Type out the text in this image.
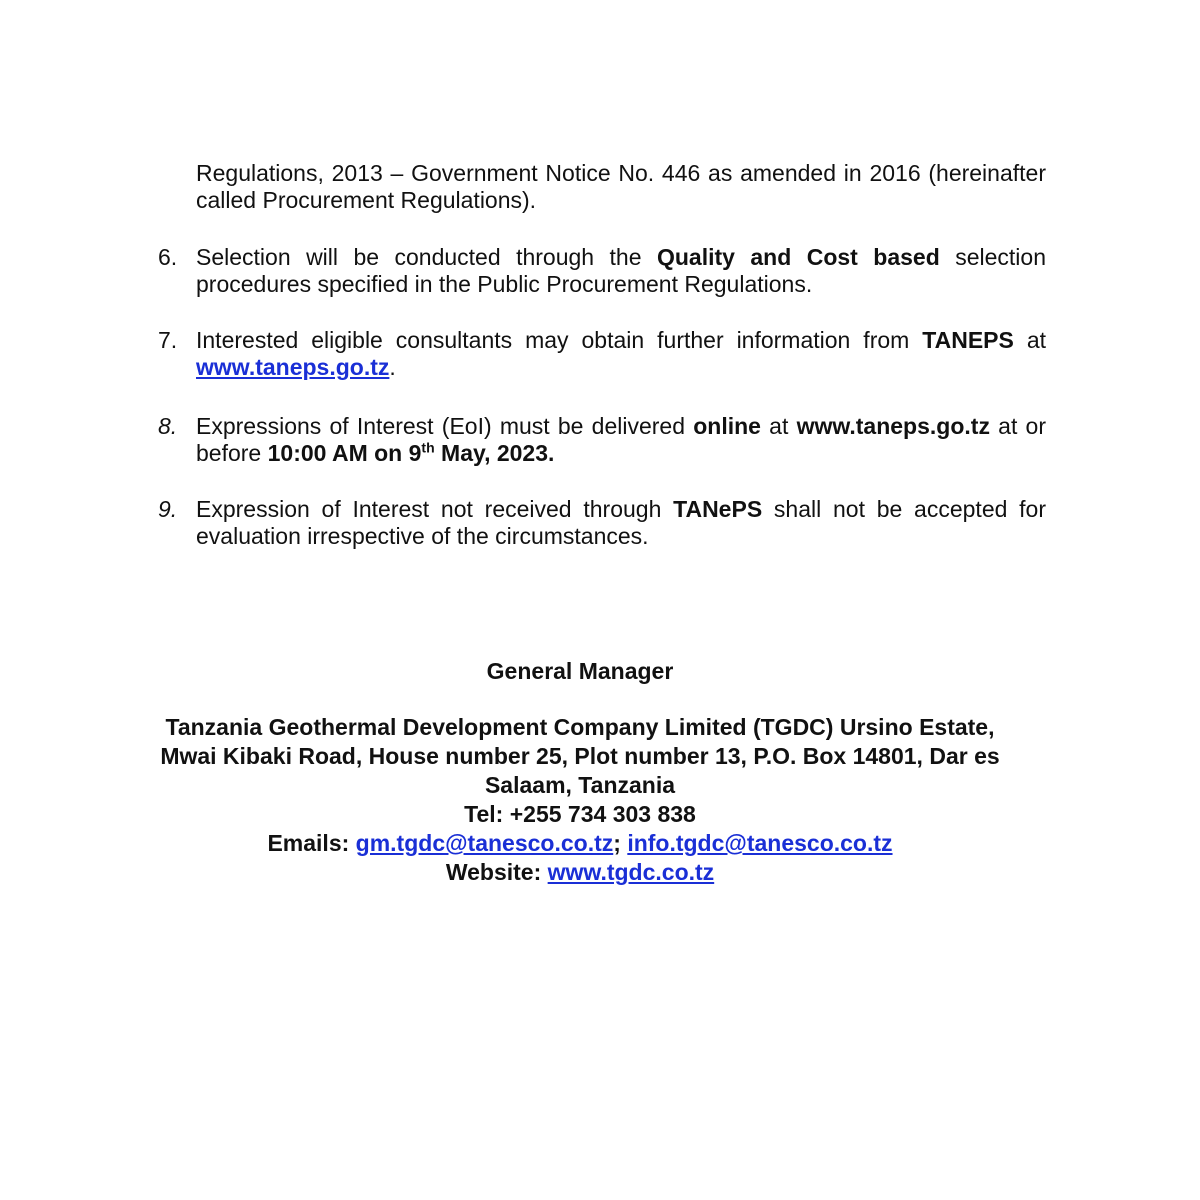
Regulations, 2013 – Government Notice No. 446 as amended in 2016 (hereinafter called Procurement Regulations).
6. Selection will be conducted through the Quality and Cost based selection procedures specified in the Public Procurement Regulations.
7. Interested eligible consultants may obtain further information from TANEPS at www.taneps.go.tz.
8. Expressions of Interest (EoI) must be delivered online at www.taneps.go.tz at or before 10:00 AM on 9th May, 2023.
9. Expression of Interest not received through TANePS shall not be accepted for evaluation irrespective of the circumstances.
General Manager
Tanzania Geothermal Development Company Limited (TGDC) Ursino Estate,
Mwai Kibaki Road, House number 25, Plot number 13, P.O. Box 14801, Dar es
Salaam, Tanzania
Tel: +255 734 303 838
Emails: gm.tgdc@tanesco.co.tz; info.tgdc@tanesco.co.tz
Website: www.tgdc.co.tz
